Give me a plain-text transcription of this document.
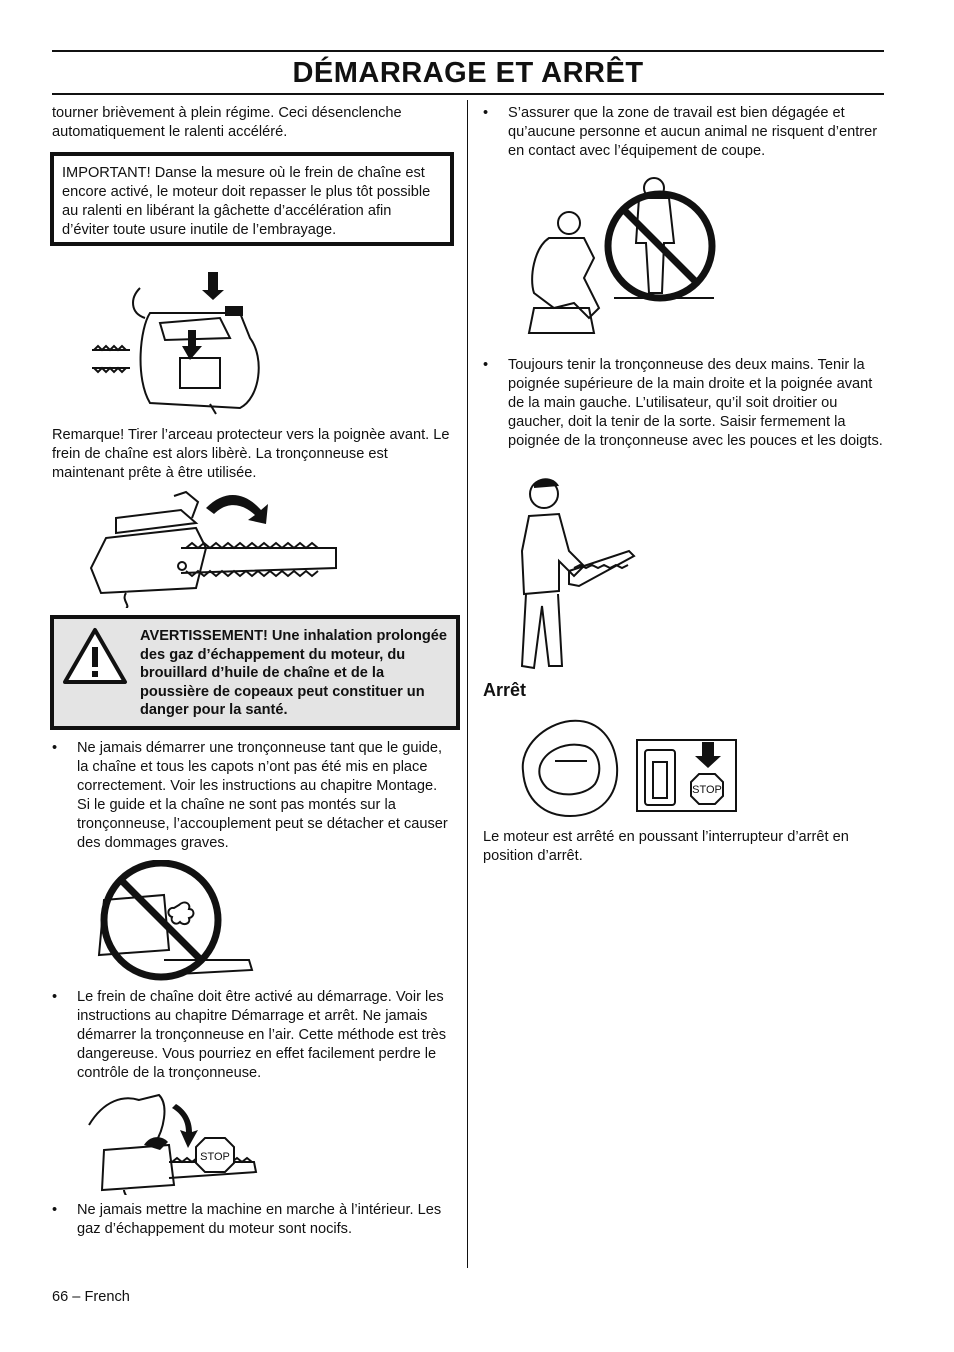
DÉMARRAGE ET ARRÊT

tourner brièvement à plein régime. Ceci désenclenche automatiquement le ralenti accéléré.

IMPORTANT! Danse la mesure où le frein de chaîne est encore activé, le moteur doit repasser le plus tôt possible au ralenti en libérant la gâchette d’accélération afin d’éviter toute usure inutile de l’embrayage.

Remarque! Tirer l’arceau protecteur vers la poignèe avant. Le frein de chaîne est alors libèrè. La tronçonneuse est maintenant prête à être utilisée.

AVERTISSEMENT! Une inhalation prolongée des gaz d’échappement du moteur, du brouillard d’huile de chaîne et de la poussière de copeaux peut constituer un danger pour la santé.
• Ne jamais démarrer une tronçonneuse tant que le guide, la chaîne et tous les capots n’ont pas été mis en place correctement. Voir les instructions au chapitre Montage. Si le guide et la chaîne ne sont pas montés sur la tronçonneuse, l’accouplement peut se détacher et causer des dommages graves.
• Le frein de chaîne doit être activé au démarrage. Voir les instructions au chapitre Démarrage et arrêt. Ne jamais démarrer la tronçonneuse en l’air. Cette méthode est très dangereuse. Vous pourriez en effet facilement perdre le contrôle de la tronçonneuse.
STOP
• Ne jamais mettre la machine en marche à l’intérieur. Les gaz d’échappement du moteur sont nocifs.
• S’assurer que la zone de travail est bien dégagée et qu’aucune personne et aucun animal ne risquent d’entrer en contact avec l’équipement de coupe.
• Toujours tenir la tronçonneuse des deux mains. Tenir la poignée supérieure de la main droite et la poignée avant de la main gauche. L’utilisateur, qu’il soit droitier ou gaucher, doit la tenir de la sorte. Saisir fermement la poignée de la tronçonneuse avec les pouces et les doigts.
Arrêt
STOP

Le moteur est arrêté en poussant l’interrupteur d’arrêt en position d’arrêt.

66 – French
